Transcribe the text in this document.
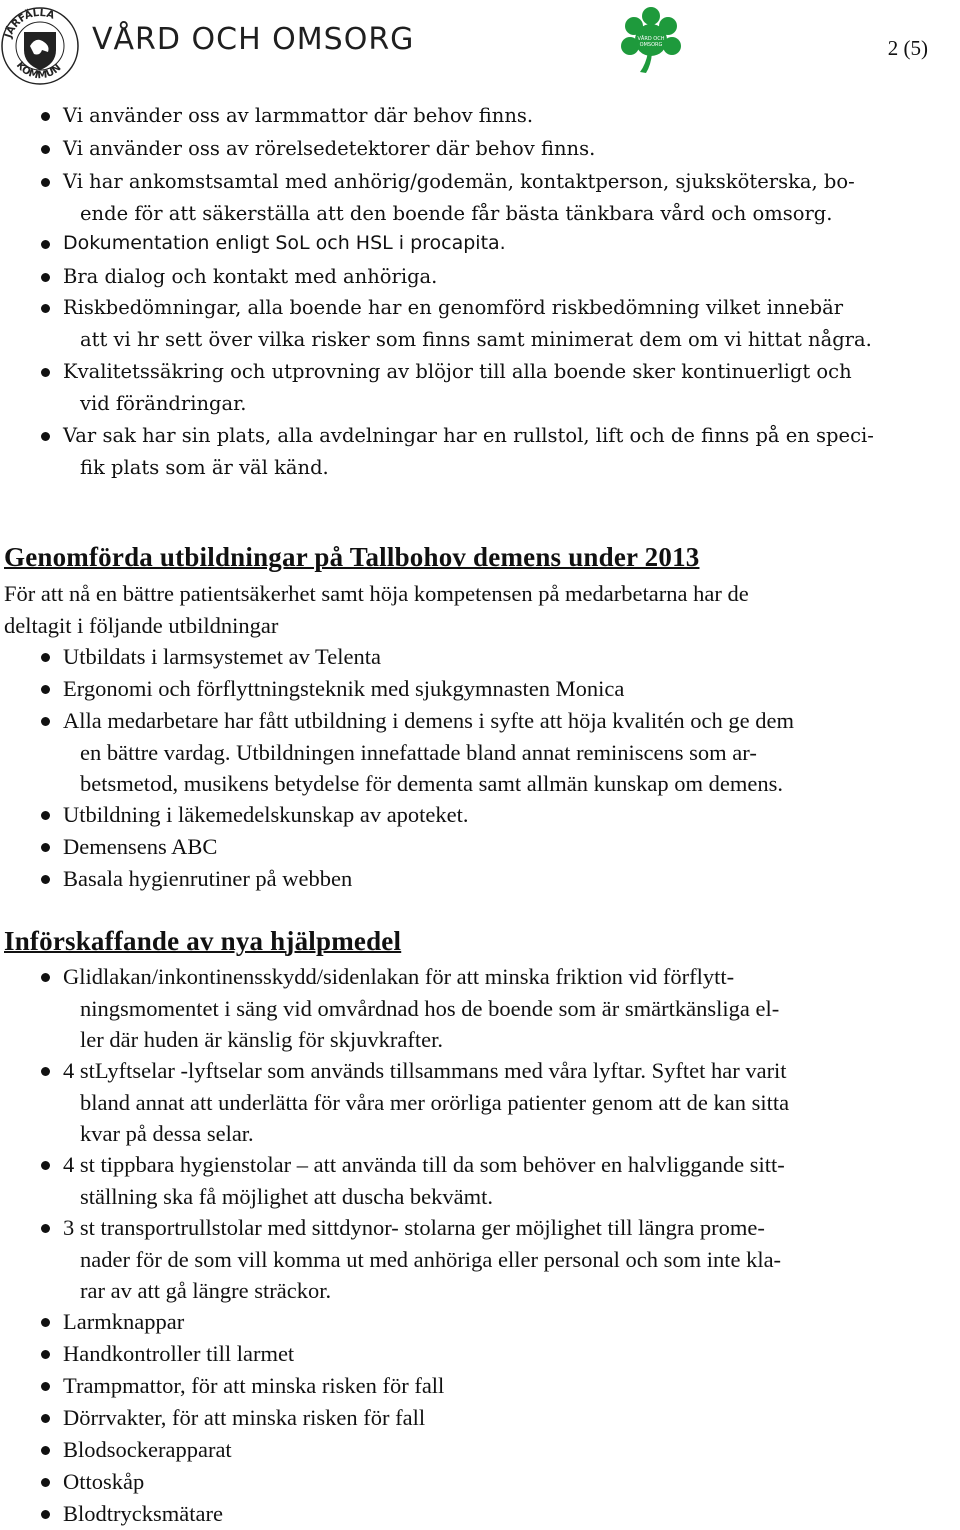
JÄRFÄLLA
KOMMUN
VÅRD OCH OMSORG	VÅRD OCH
OMSORG	2 (5)
Vi använder oss av larmmattor där behov finns.
Vi använder oss av rörelsedetektorer där behov finns.
Vi har ankomstsamtal med anhörig/godemän, kontaktperson, sjuksköterska, bo-
ende för att säkerställa att den boende får bästa tänkbara vård och omsorg.
Dokumentation enligt SoL och HSL i procapita.
Bra dialog och kontakt med anhöriga.
Riskbedömningar, alla boende har en genomförd riskbedömning vilket innebär
att vi hr sett över vilka risker som finns samt minimerat dem om vi hittat några.
Kvalitetssäkring och utprovning av blöjor till alla boende sker kontinuerligt och
vid förändringar.
Var sak har sin plats, alla avdelningar har en rullstol, lift och de finns på en speci-
fik plats som är väl känd.
Genomförda utbildningar på Tallbohov demens under 2013
För att nå en bättre patientsäkerhet samt höja kompetensen på medarbetarna har de
deltagit i följande utbildningar
Utbildats i larmsystemet av Telenta
Ergonomi och förflyttningsteknik med sjukgymnasten Monica
Alla medarbetare har fått utbildning i demens i syfte att höja kvalitén och ge dem
en bättre vardag. Utbildningen innefattade bland annat reminiscens som ar-
betsmetod, musikens betydelse för dementa samt allmän kunskap om demens.
Utbildning i läkemedelskunskap av apoteket.
Demensens ABC
Basala hygienrutiner på webben
Införskaffande av nya hjälpmedel
Glidlakan/inkontinensskydd/sidenlakan för att minska friktion vid förflytt-
ningsmomentet i säng vid omvårdnad hos de boende som är smärtkänsliga el-
ler där huden är känslig för skjuvkrafter.
4 stLyftselar -lyftselar som används tillsammans med våra lyftar. Syftet har varit
bland annat att underlätta för våra mer orörliga patienter genom att de kan sitta
kvar på dessa selar.
4 st tippbara hygienstolar – att använda till da som behöver en halvliggande sitt-
ställning ska få möjlighet att duscha bekvämt.
3 st transportrullstolar med sittdynor- stolarna ger möjlighet till längra prome-
nader för de som vill komma ut med anhöriga eller personal och som inte kla-
rar av att gå längre sträckor.
Larmknappar
Handkontroller till larmet
Trampmattor, för att minska risken för fall
Dörrvakter, för att minska risken för fall
Blodsockerapparat
Ottoskåp
Blodtrycksmätare
